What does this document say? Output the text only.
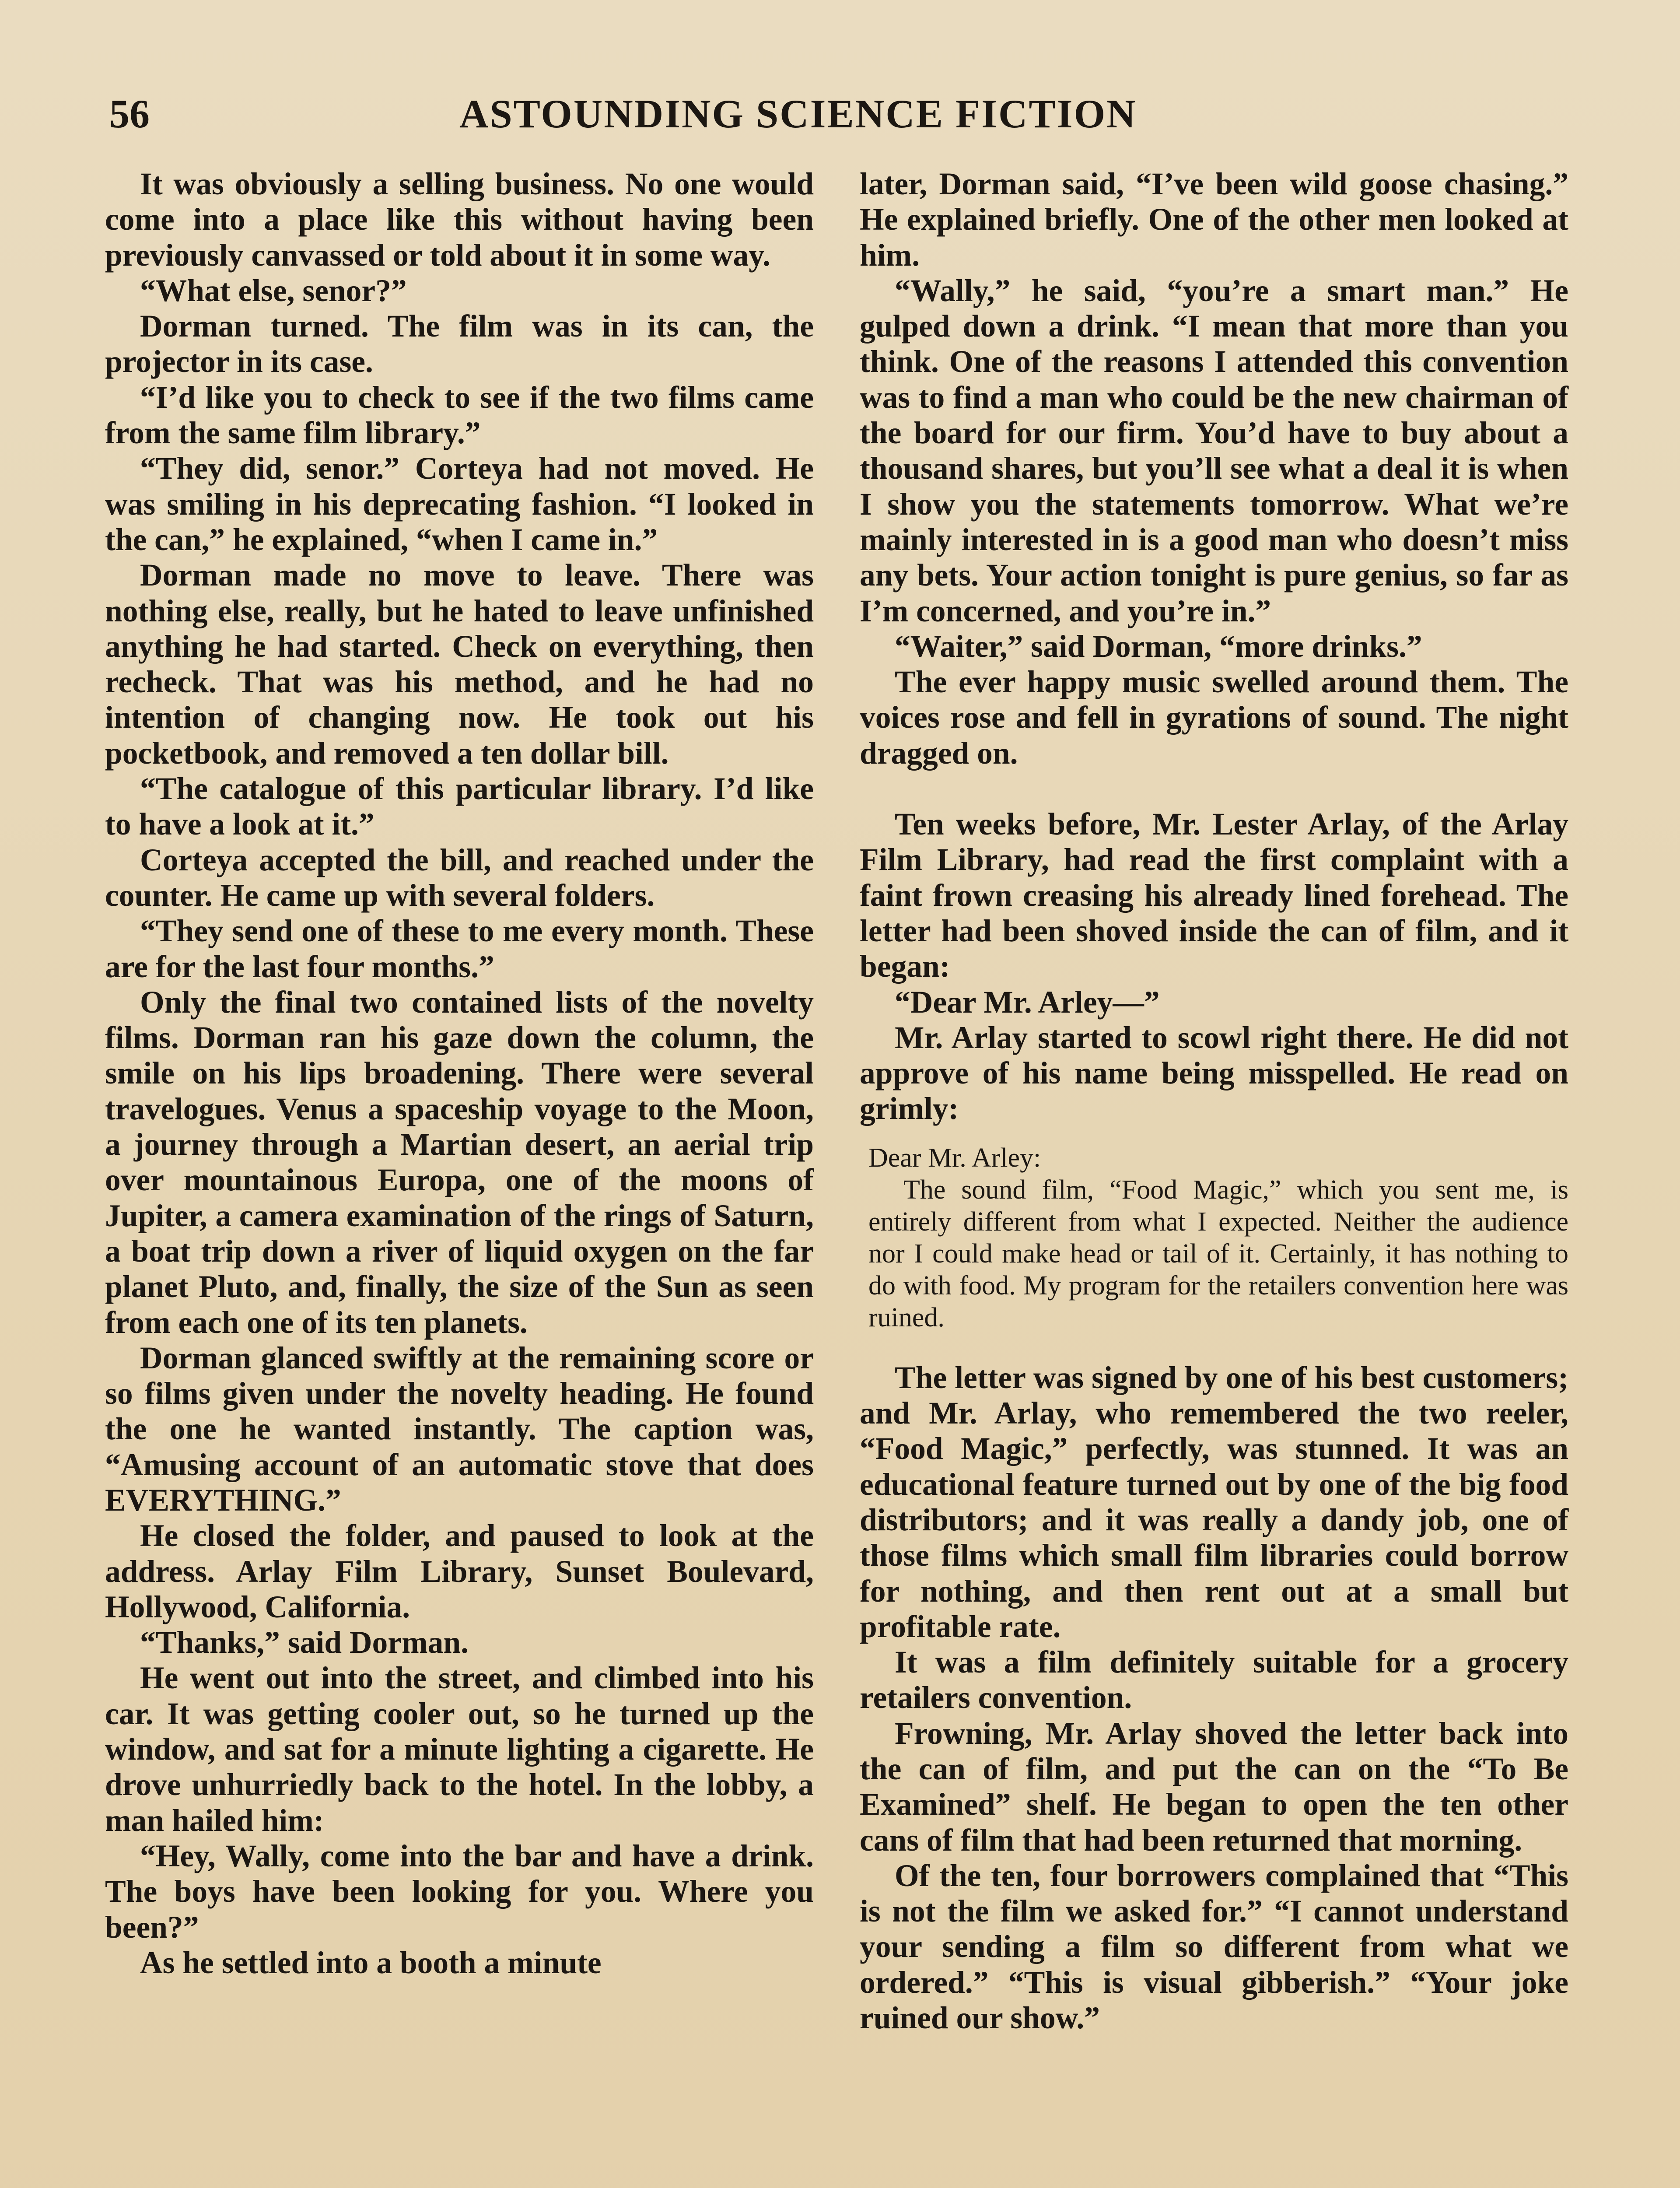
56	ASTOUNDING SCIENCE FICTION

It was obviously a selling business. No one would come into a place like this without having been previously canvassed or told about it in some way.

“What else, senor?”

Dorman turned. The film was in its can, the projector in its case.

“I’d like you to check to see if the two films came from the same film library.”

“They did, senor.” Corteya had not moved. He was smiling in his deprecating fashion. “I looked in the can,” he explained, “when I came in.”

Dorman made no move to leave. There was nothing else, really, but he hated to leave unfinished anything he had started. Check on everything, then recheck. That was his method, and he had no intention of changing now. He took out his pocketbook, and removed a ten dollar bill.

“The catalogue of this particular library. I’d like to have a look at it.”

Corteya accepted the bill, and reached under the counter. He came up with several folders.

“They send one of these to me every month. These are for the last four months.”

Only the final two contained lists of the novelty films. Dorman ran his gaze down the column, the smile on his lips broadening. There were several travelogues. Venus a spaceship voyage to the Moon, a journey through a Martian desert, an aerial trip over mountainous Europa, one of the moons of Jupiter, a camera examination of the rings of Saturn, a boat trip down a river of liquid oxygen on the far planet Pluto, and, finally, the size of the Sun as seen from each one of its ten planets.

Dorman glanced swiftly at the remaining score or so films given under the novelty heading. He found the one he wanted instantly. The caption was, “Amusing account of an automatic stove that does EVERYTHING.”

He closed the folder, and paused to look at the address. Arlay Film Library, Sunset Boulevard, Hollywood, California.

“Thanks,” said Dorman.

He went out into the street, and climbed into his car. It was getting cooler out, so he turned up the window, and sat for a minute lighting a cigarette. He drove unhurriedly back to the hotel. In the lobby, a man hailed him:

“Hey, Wally, come into the bar and have a drink. The boys have been looking for you. Where you been?”

As he settled into a booth a minute

later, Dorman said, “I’ve been wild goose chasing.” He explained briefly. One of the other men looked at him.

“Wally,” he said, “you’re a smart man.” He gulped down a drink. “I mean that more than you think. One of the reasons I attended this convention was to find a man who could be the new chairman of the board for our firm. You’d have to buy about a thousand shares, but you’ll see what a deal it is when I show you the statements tomorrow. What we’re mainly interested in is a good man who doesn’t miss any bets. Your action tonight is pure genius, so far as I’m concerned, and you’re in.”

“Waiter,” said Dorman, “more drinks.”

The ever happy music swelled around them. The voices rose and fell in gyrations of sound. The night dragged on.

Ten weeks before, Mr. Lester Arlay, of the Arlay Film Library, had read the first complaint with a faint frown creasing his already lined forehead. The letter had been shoved inside the can of film, and it began:

“Dear Mr. Arley—”

Mr. Arlay started to scowl right there. He did not approve of his name being misspelled. He read on grimly:

Dear Mr. Arley:
The sound film, “Food Magic,” which you sent me, is entirely different from what I expected. Neither the audience nor I could make head or tail of it. Certainly, it has nothing to do with food. My program for the retailers convention here was ruined.

The letter was signed by one of his best customers; and Mr. Arlay, who remembered the two reeler, “Food Magic,” perfectly, was stunned. It was an educational feature turned out by one of the big food distributors; and it was really a dandy job, one of those films which small film libraries could borrow for nothing, and then rent out at a small but profitable rate.

It was a film definitely suitable for a grocery retailers convention.

Frowning, Mr. Arlay shoved the letter back into the can of film, and put the can on the “To Be Examined” shelf. He began to open the ten other cans of film that had been returned that morning.

Of the ten, four borrowers complained that “This is not the film we asked for.” “I cannot understand your sending a film so different from what we ordered.” “This is visual gibberish.” “Your joke ruined our show.”
